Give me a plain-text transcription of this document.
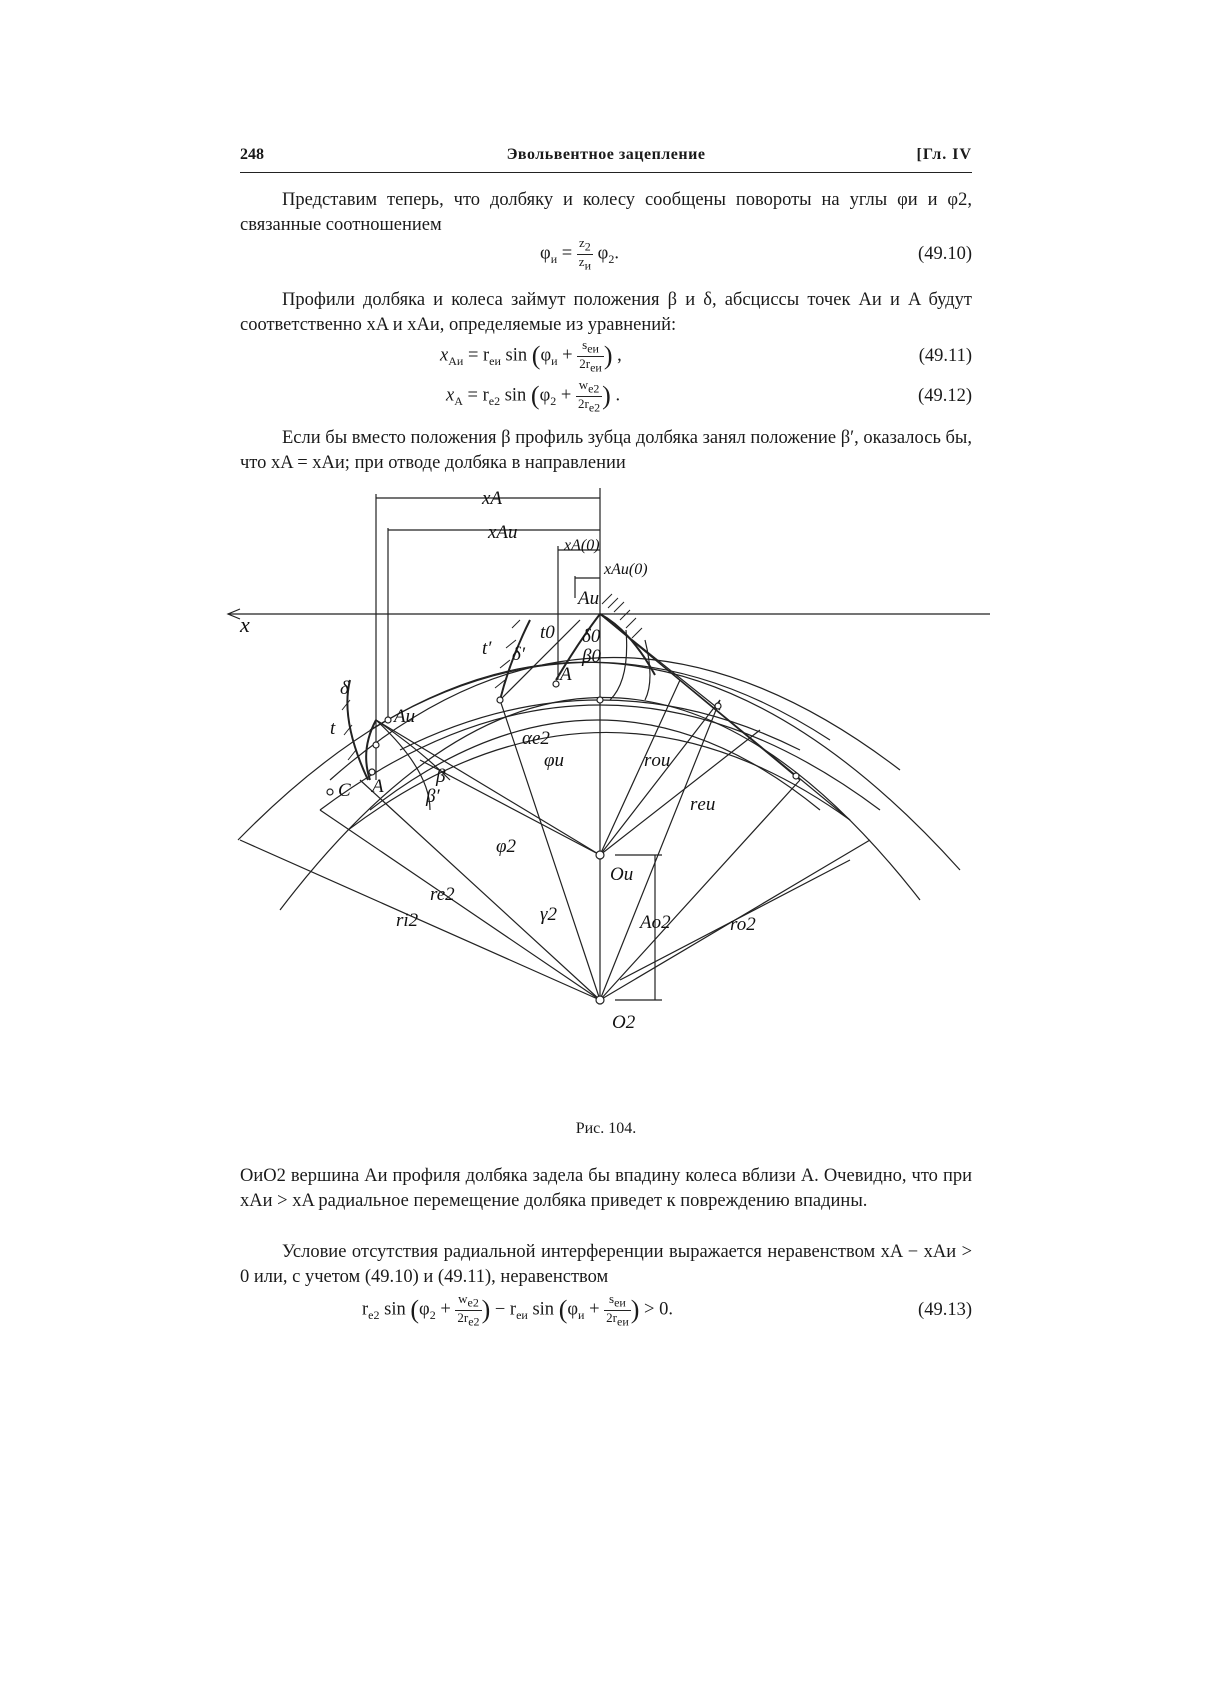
248	Эвольвентное зацепление	[Гл. IV
Представим теперь, что долбяку и колесу сообщены повороты на углы φи и φ2, связанные соотношением
$\varphi_и = \frac{z_2}{z_и} \varphi_2$.	(49.10)
Профили долбяка и колеса займут положения β и δ, абсциссы точек Aи и A будут соответственно xA и xAи, определяемые из уравнений:
$x_{Aи} = r_{eи}$ $\sin (\varphi_и + \frac{s_{eи}}{2r_{eи}}$ ) ,	(49.11)
$x_A = r_{e2}$ $\sin (\varphi_2 + \frac{w_{e2}}{2r_{e2}}$ ) .	(49.12)
Если бы вместо положения β профиль зубца долбяка занял положение β′, оказалось бы, что xA = xAи; при отводе долбяка в направлении
xA
xAи
xA(0)
xAи(0)
x
Aи
Aи
A
A
C
t
t′
t0
δ
δ′
δ0
β
β′
β0
αe2
φи
φ2
γ2
rои
rеи
re2
ri2	ro2
Ao2
Oи
O2
Рис. 104.
OиO2 вершина Aи профиля долбяка задела бы впадину колеса вблизи A. Очевидно, что при xAи > xA радиальное перемещение долбяка приведет к повреждению впадины.
Условие отсутствия радиальной интерференции выражается неравенством xA − xAи > 0 или, с учетом (49.10) и (49.11), неравенством
$r_{e2}$ $\sin (\varphi_2 + \frac{w_{e2}}{2r_{e2}}$ ) − $r_{eи}$ $\sin (\varphi_и + \frac{s_{eи}}{2r_{eи}}$ ) > 0.	(49.13)
